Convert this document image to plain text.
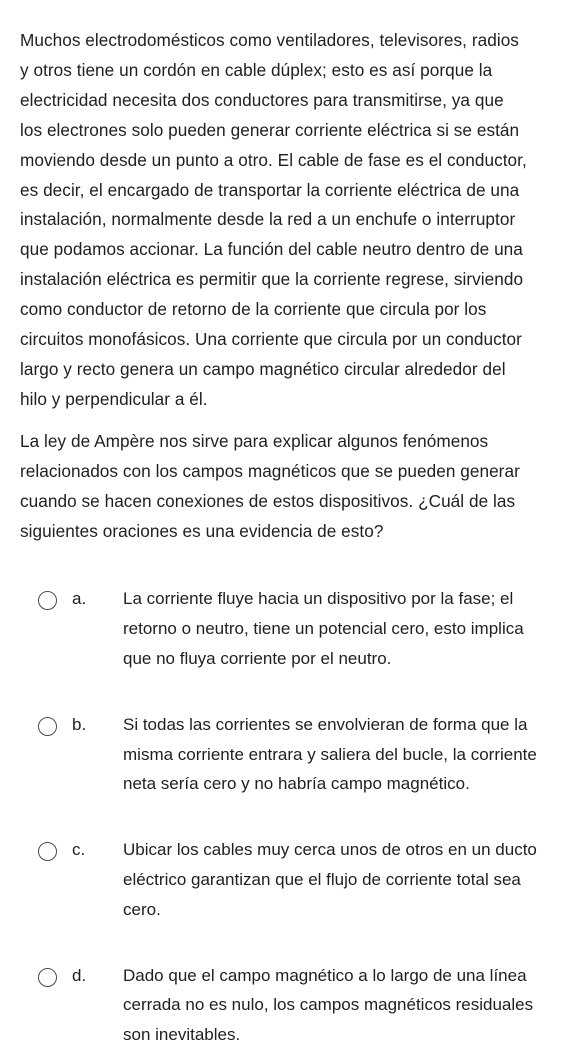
Muchos electrodomésticos como ventiladores, televisores, radios
y otros tiene un cordón en cable dúplex; esto es así porque la
electricidad necesita dos conductores para transmitirse, ya que
los electrones solo pueden generar corriente eléctrica si se están
moviendo desde un punto a otro. El cable de fase es el conductor,
es decir, el encargado de transportar la corriente eléctrica de una
instalación, normalmente desde la red a un enchufe o interruptor
que podamos accionar. La función del cable neutro dentro de una
instalación eléctrica es permitir que la corriente regrese, sirviendo
como conductor de retorno de la corriente que circula por los
circuitos monofásicos. Una corriente que circula por un conductor
largo y recto genera un campo magnético circular alrededor del
hilo y perpendicular a él.

La ley de Ampère nos sirve para explicar algunos fenómenos
relacionados con los campos magnéticos que se pueden generar
cuando se hacen conexiones de estos dispositivos. ¿Cuál de las
siguientes oraciones es una evidencia de esto?

a. La corriente fluye hacia un dispositivo por la fase; el
retorno o neutro, tiene un potencial cero, esto implica
que no fluya corriente por el neutro.
b. Si todas las corrientes se envolvieran de forma que la
misma corriente entrara y saliera del bucle, la corriente
neta sería cero y no habría campo magnético.
c. Ubicar los cables muy cerca unos de otros en un ducto
eléctrico garantizan que el flujo de corriente total sea
cero.
d. Dado que el campo magnético a lo largo de una línea
cerrada no es nulo, los campos magnéticos residuales
son inevitables.
